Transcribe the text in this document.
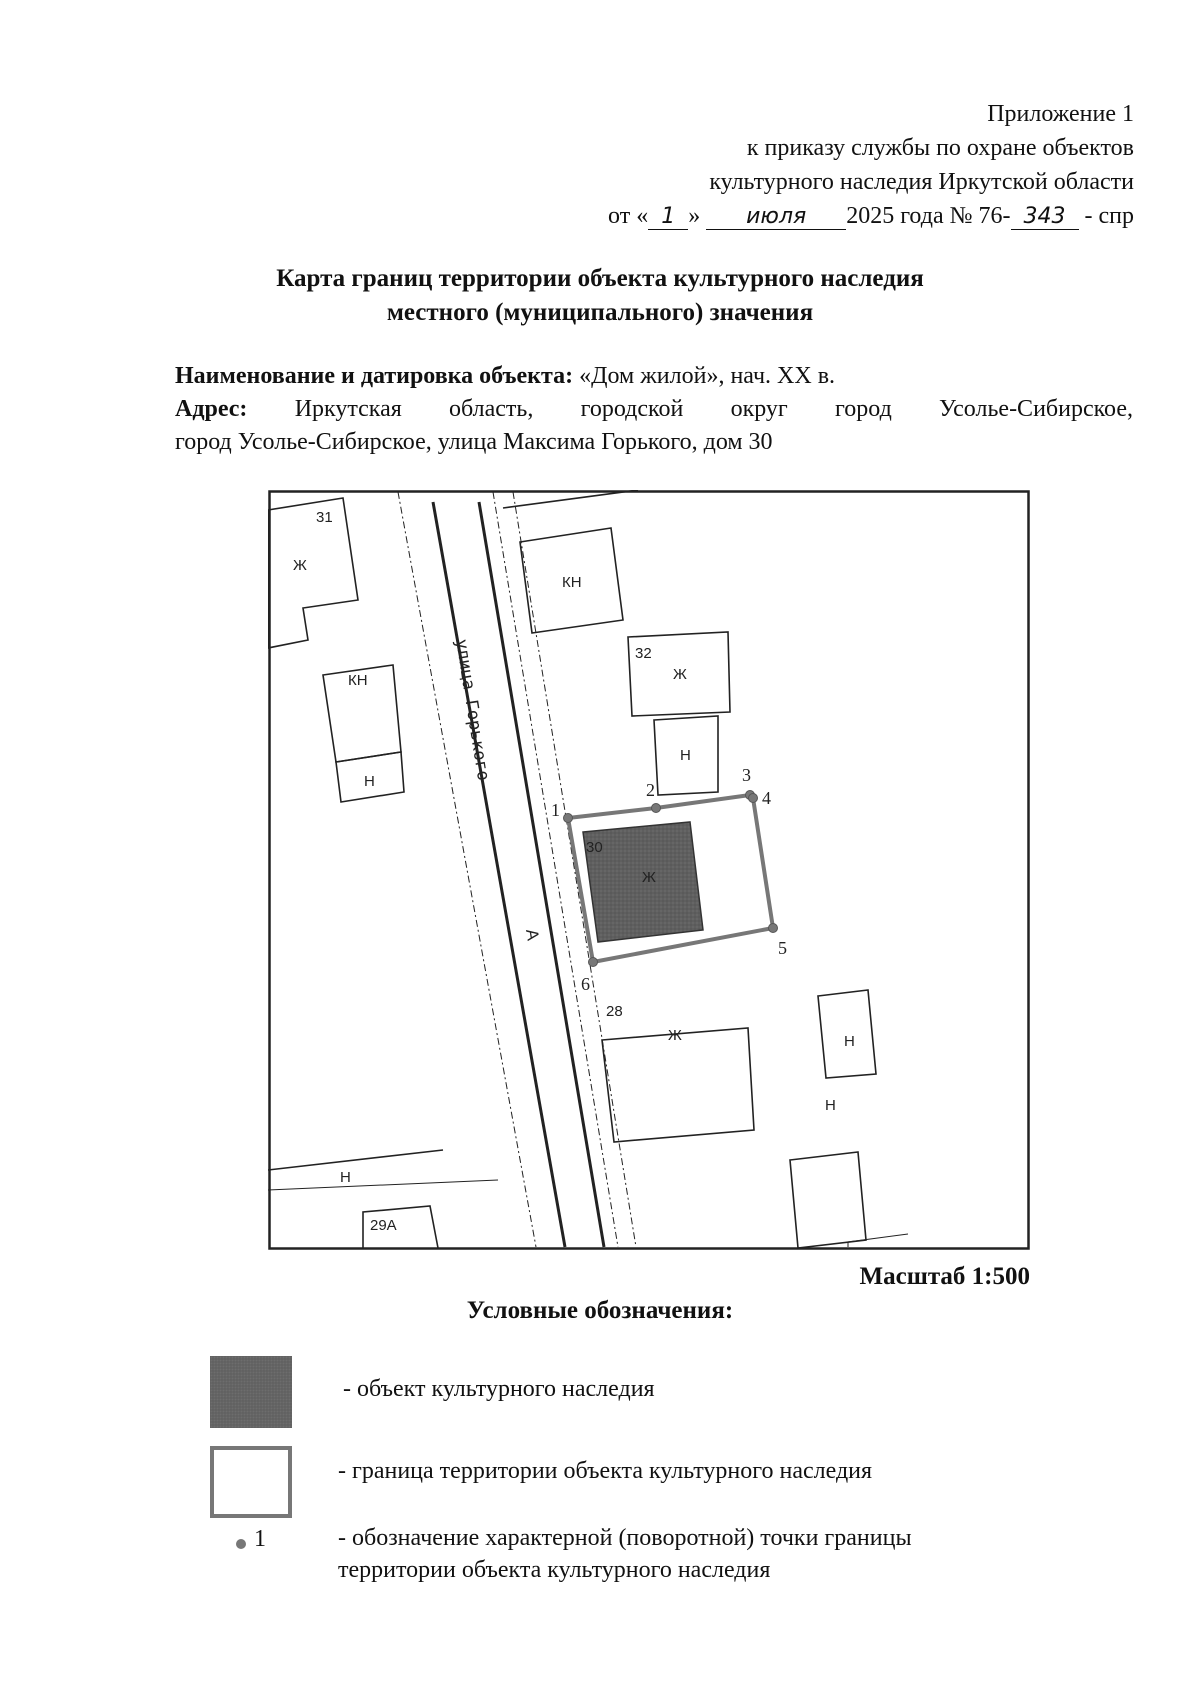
Приложение 1
к приказу службы по охране объектов
культурного наследия Иркутской области
от « 1 » июля 2025 года № 76- 343 - спр
Карта границ территории объекта культурного наследия
местного (муниципального) значения
Наименование и датировка объекта: «Дом жилой», нач. XX в.
Адрес: Иркутская область, городской округ город Усолье-Сибирское,
город Усолье-Сибирское, улица Максима Горького, дом 30
31
Ж
КН
32
Ж
Н
КН
Н
30
Ж
28
Ж	Н
Н
Н
29А
улица Горького
А
1
2
3
4
5
6
Масштаб 1:500
Условные обозначения:
- объект культурного наследия
- граница территории объекта культурного наследия
1	- обозначение характерной (поворотной) точки границы
территории объекта культурного наследия
